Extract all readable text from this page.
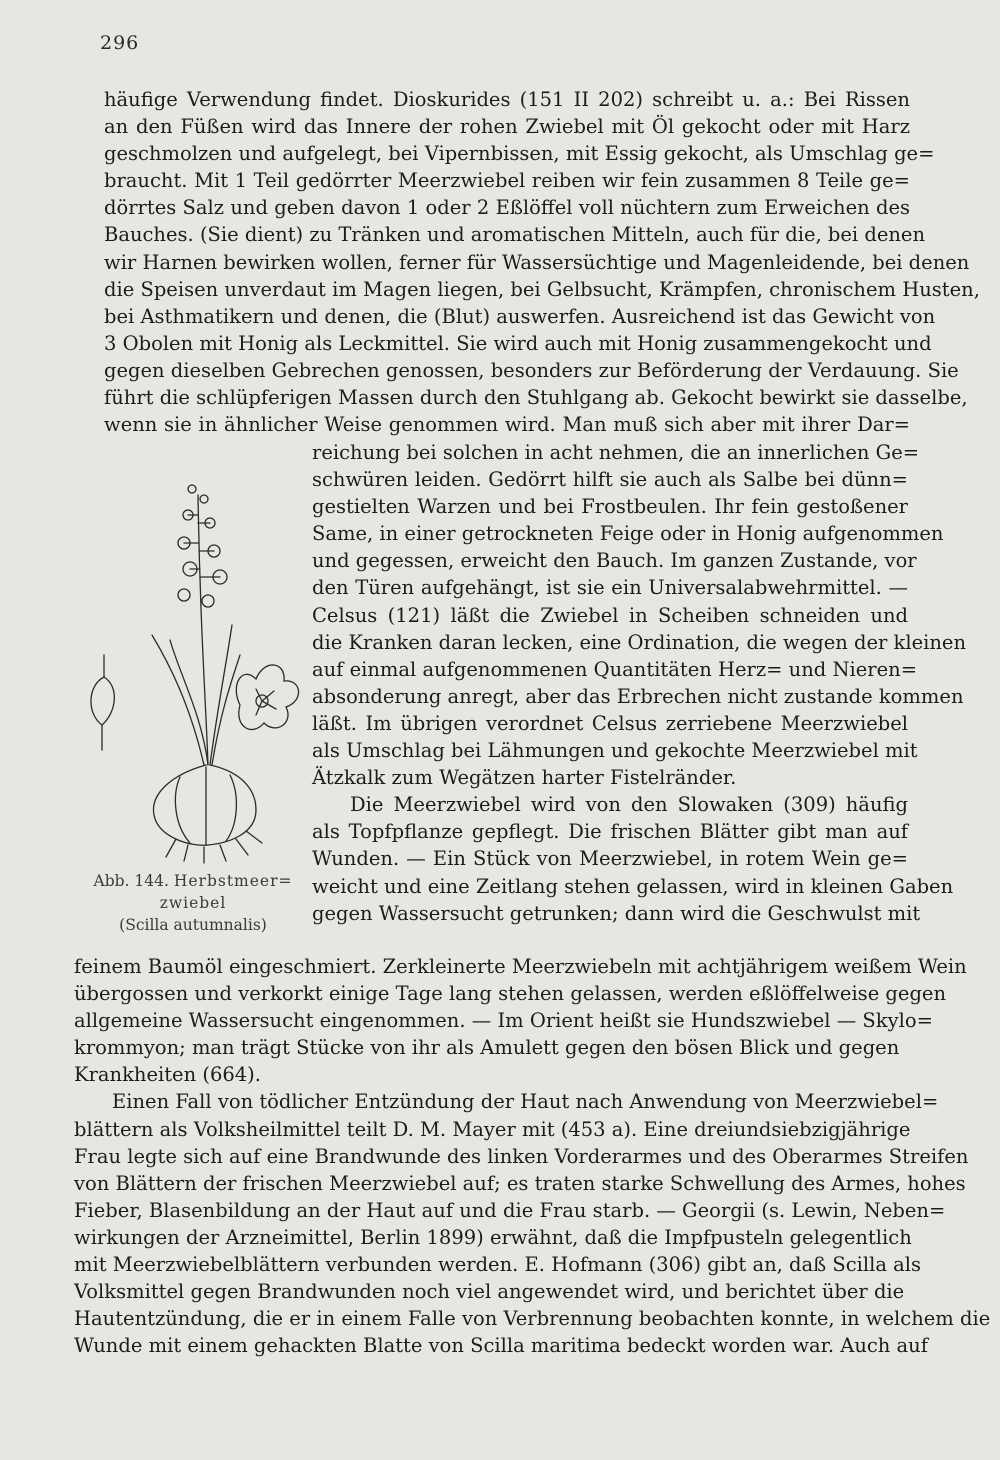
296
häufige Verwendung findet. Dioskurides (151 II 202) schreibt u. a.: Bei Rissen
an den Füßen wird das Innere der rohen Zwiebel mit Öl gekocht oder mit Harz
geschmolzen und aufgelegt, bei Vipernbissen, mit Essig gekocht, als Umschlag ge=
braucht. Mit 1 Teil gedörrter Meerzwiebel reiben wir fein zusammen 8 Teile ge=
dörrtes Salz und geben davon 1 oder 2 Eßlöffel voll nüchtern zum Erweichen des
Bauches. (Sie dient) zu Tränken und aromatischen Mitteln, auch für die, bei denen
wir Harnen bewirken wollen, ferner für Wassersüchtige und Magenleidende, bei denen
die Speisen unverdaut im Magen liegen, bei Gelbsucht, Krämpfen, chronischem Husten,
bei Asthmatikern und denen, die (Blut) auswerfen. Ausreichend ist das Gewicht von
3 Obolen mit Honig als Leckmittel. Sie wird auch mit Honig zusammengekocht und
gegen dieselben Gebrechen genossen, besonders zur Beförderung der Verdauung. Sie
führt die schlüpferigen Massen durch den Stuhlgang ab. Gekocht bewirkt sie dasselbe,
wenn sie in ähnlicher Weise genommen wird. Man muß sich aber mit ihrer Dar=
Abb. 144. Herbstmeer=
zwiebel
(Scilla autumnalis)
reichung bei solchen in acht nehmen, die an innerlichen Ge=
schwüren leiden. Gedörrt hilft sie auch als Salbe bei dünn=
gestielten Warzen und bei Frostbeulen. Ihr fein gestoßener
Same, in einer getrockneten Feige oder in Honig aufgenommen
und gegessen, erweicht den Bauch. Im ganzen Zustande, vor
den Türen aufgehängt, ist sie ein Universalabwehrmittel. —
Celsus (121) läßt die Zwiebel in Scheiben schneiden und
die Kranken daran lecken, eine Ordination, die wegen der kleinen
auf einmal aufgenommenen Quantitäten Herz= und Nieren=
absonderung anregt, aber das Erbrechen nicht zustande kommen
läßt. Im übrigen verordnet Celsus zerriebene Meerzwiebel
als Umschlag bei Lähmungen und gekochte Meerzwiebel mit
Ätzkalk zum Wegätzen harter Fistelränder.
Die Meerzwiebel wird von den Slowaken (309) häufig
als Topfpflanze gepflegt. Die frischen Blätter gibt man auf
Wunden. — Ein Stück von Meerzwiebel, in rotem Wein ge=
weicht und eine Zeitlang stehen gelassen, wird in kleinen Gaben
gegen Wassersucht getrunken; dann wird die Geschwulst mit
feinem Baumöl eingeschmiert. Zerkleinerte Meerzwiebeln mit achtjährigem weißem Wein
übergossen und verkorkt einige Tage lang stehen gelassen, werden eßlöffelweise gegen
allgemeine Wassersucht eingenommen. — Im Orient heißt sie Hundszwiebel — Skylo=
krommyon; man trägt Stücke von ihr als Amulett gegen den bösen Blick und gegen
Krankheiten (664).
Einen Fall von tödlicher Entzündung der Haut nach Anwendung von Meerzwiebel=
blättern als Volksheilmittel teilt D. M. Mayer mit (453 a). Eine dreiundsiebzigjährige
Frau legte sich auf eine Brandwunde des linken Vorderarmes und des Oberarmes Streifen
von Blättern der frischen Meerzwiebel auf; es traten starke Schwellung des Armes, hohes
Fieber, Blasenbildung an der Haut auf und die Frau starb. — Georgii (s. Lewin, Neben=
wirkungen der Arzneimittel, Berlin 1899) erwähnt, daß die Impfpusteln gelegentlich
mit Meerzwiebelblättern verbunden werden. E. Hofmann (306) gibt an, daß Scilla als
Volksmittel gegen Brandwunden noch viel angewendet wird, und berichtet über die
Hautentzündung, die er in einem Falle von Verbrennung beobachten konnte, in welchem die
Wunde mit einem gehackten Blatte von Scilla maritima bedeckt worden war. Auch auf
